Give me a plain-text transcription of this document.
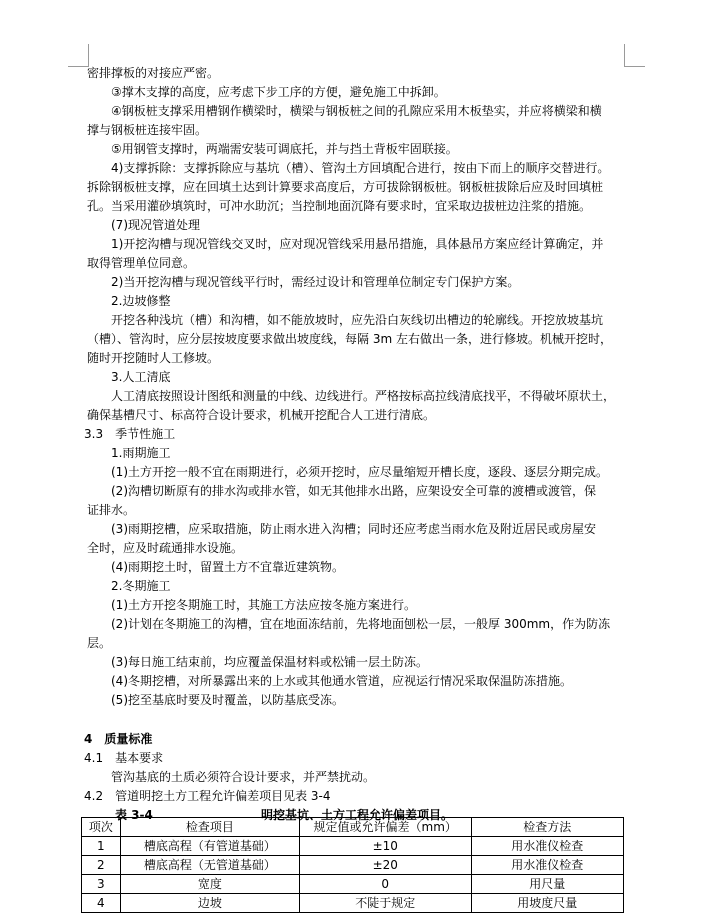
密排撑板的对接应严密。

③撑木支撑的高度，应考虑下步工序的方便，避免施工中拆卸。

④钢板桩支撑采用槽钢作横梁时，横梁与钢板桩之间的孔隙应采用木板垫实，并应将横梁和横

撑与钢板桩连接牢固。

⑤用钢管支撑时，两端需安装可调底托，并与挡土背板牢固联接。

4)支撑拆除：支撑拆除应与基坑（槽）、管沟土方回填配合进行，按由下而上的顺序交替进行。

拆除钢板桩支撑，应在回填土达到计算要求高度后，方可拔除钢板桩。钢板桩拔除后应及时回填桩

孔。当采用灌砂填筑时，可冲水助沉；当控制地面沉降有要求时，宜采取边拔桩边注浆的措施。

(7)现况管道处理

1)开挖沟槽与现况管线交叉时，应对现况管线采用悬吊措施，具体悬吊方案应经计算确定，并

取得管理单位同意。

2)当开挖沟槽与现况管线平行时，需经过设计和管理单位制定专门保护方案。

2.边坡修整

开挖各种浅坑（槽）和沟槽，如不能放坡时，应先沿白灰线切出槽边的轮廓线。开挖放坡基坑

（槽）、管沟时，应分层按坡度要求做出坡度线，每隔 3m 左右做出一条，进行修坡。机械开挖时，

随时开挖随时人工修坡。

3.人工清底

人工清底按照设计图纸和测量的中线、边线进行。严格按标高拉线清底找平，不得破坏原状土，

确保基槽尺寸、标高符合设计要求，机械开挖配合人工进行清底。

3.3　季节性施工

1.雨期施工

(1)土方开挖一般不宜在雨期进行，必须开挖时，应尽量缩短开槽长度，逐段、逐层分期完成。

(2)沟槽切断原有的排水沟或排水管，如无其他排水出路，应架设安全可靠的渡槽或渡管，保

证排水。

(3)雨期挖槽，应采取措施，防止雨水进入沟槽；同时还应考虑当雨水危及附近居民或房屋安

全时，应及时疏通排水设施。

(4)雨期挖土时，留置土方不宜靠近建筑物。

2.冬期施工

(1)土方开挖冬期施工时，其施工方法应按冬施方案进行。

(2)计划在冬期施工的沟槽，宜在地面冻结前，先将地面刨松一层，一般厚 300mm，作为防冻

层。

(3)每日施工结束前，均应覆盖保温材料或松铺一层土防冻。

(4)冬期挖槽，对所暴露出来的上水或其他通水管道，应视运行情况采取保温防冻措施。

(5)挖至基底时要及时覆盖，以防基底受冻。

4　质量标准

4.1　基本要求

管沟基底的土质必须符合设计要求，并严禁扰动。

4.2　管道明挖土方工程允许偏差项目见表 3-4

表 3-4	明挖基坑、土方工程允许偏差项目。
项次	检查项目	规定值或允许偏差（mm）	检查方法
1	槽底高程（有管道基础）	±10	用水准仪检查
2	槽底高程（无管道基础）	±20	用水准仪检查
3	宽度	0	用尺量
4	边坡	不陡于规定	用坡度尺量
